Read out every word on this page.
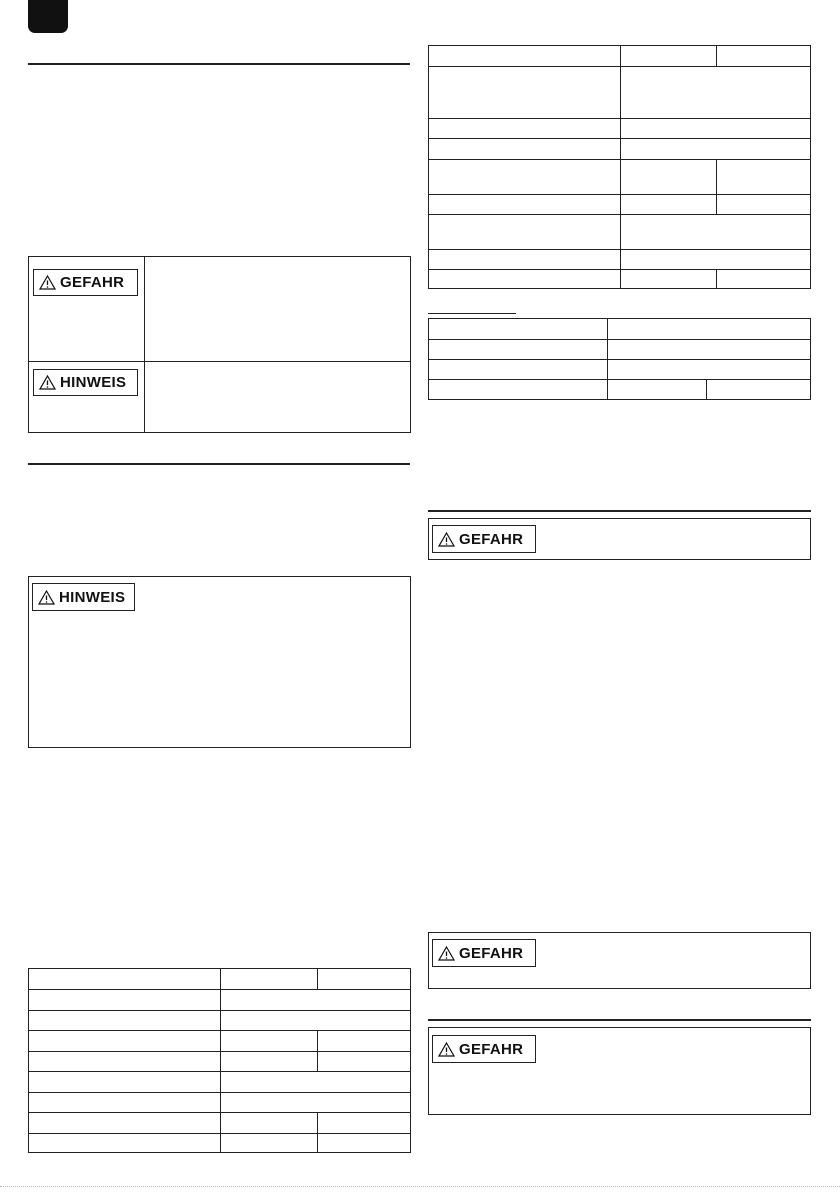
GEFAHR
HINWEIS
HINWEIS
GEFAHR
GEFAHR
GEFAHR
